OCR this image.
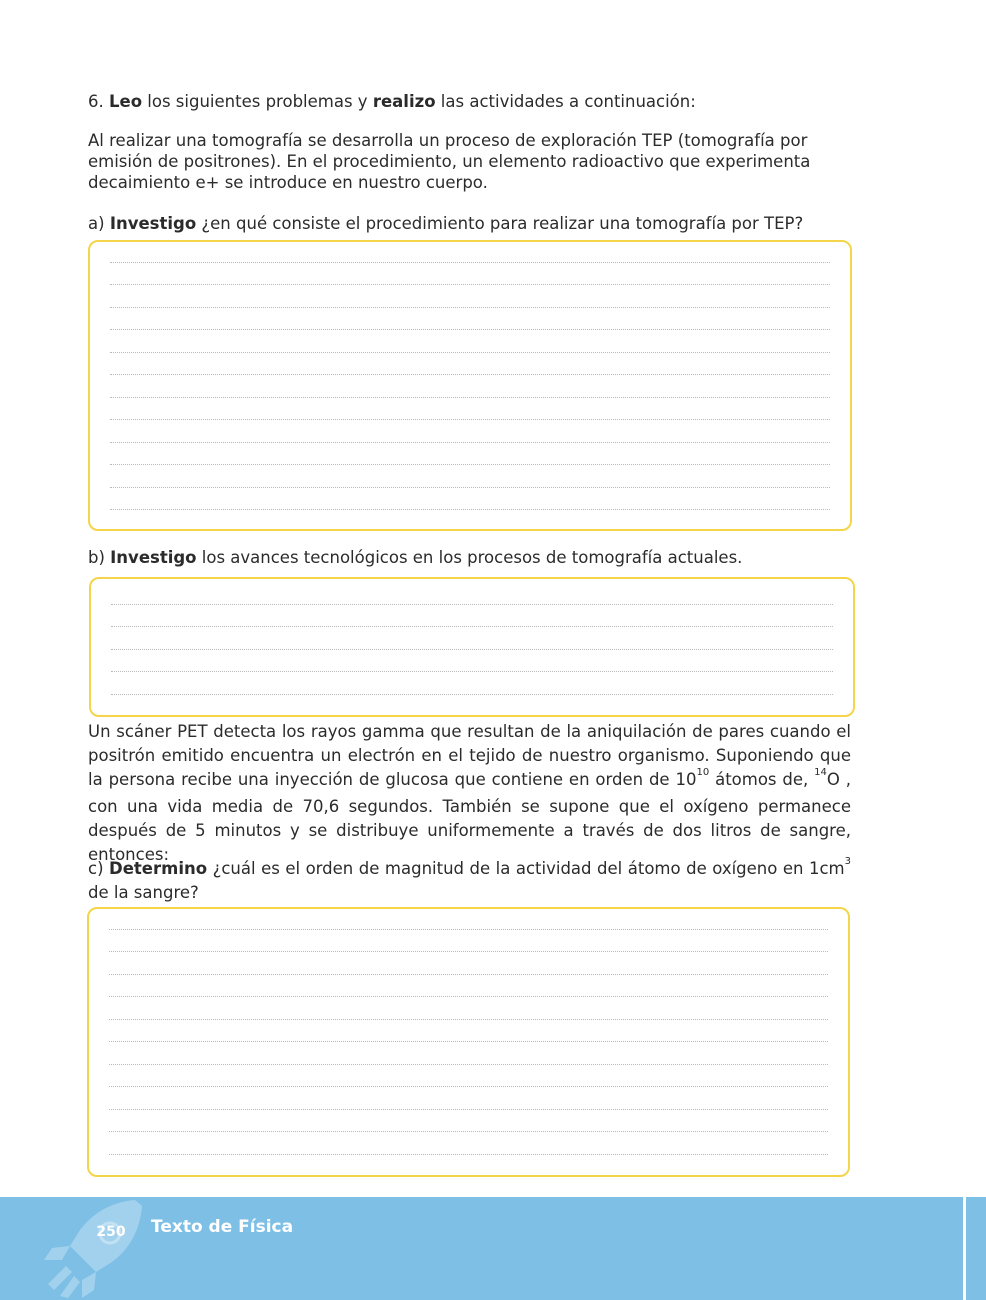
6. Leo los siguientes problemas y realizo las actividades a continuación:

Al realizar una tomografía se desarrolla un proceso de exploración TEP (tomografía por emisión de positrones). En el procedimiento, un elemento radioactivo que experimenta decaimiento e+ se introduce en nuestro cuerpo.

a) Investigo ¿en qué consiste el procedimiento para realizar una tomografía por TEP?

b) Investigo los avances tecnológicos en los procesos de tomografía actuales.

Un scáner PET detecta los rayos gamma que resultan de la aniquilación de pares cuando el positrón emitido encuentra un electrón en el tejido de nuestro organismo. Suponiendo que la persona recibe una inyección de glucosa que contiene en orden de $10^{10}$ átomos de, $^{14}$O , con una vida media de 70,6 segundos. También se supone que el oxígeno permanece después de 5 minutos y se distribuye uniformemente a través de dos litros de sangre, entonces:

c) Determino ¿cuál es el orden de magnitud de la actividad del átomo de oxígeno en $1cm^3$ de la sangre?

250 Texto de Física
